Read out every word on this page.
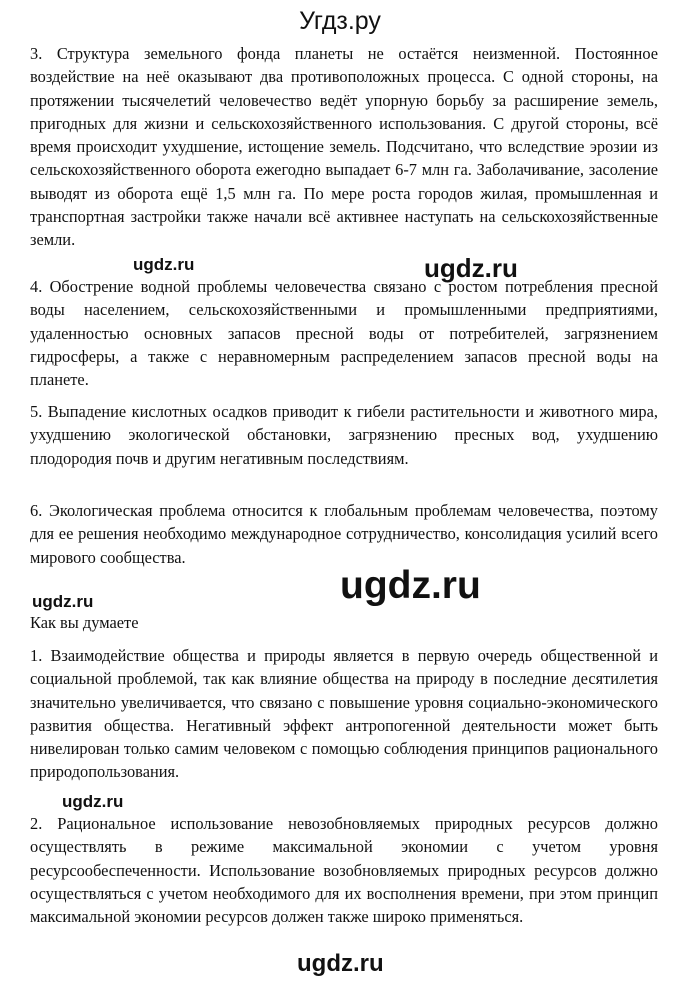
Угдз.ру

3. Структура земельного фонда планеты не остаётся неизменной. Постоянное воздействие на неё оказывают два противоположных процесса. С одной стороны, на протяжении тысячелетий человечество ведёт упорную борьбу за расширение земель, пригодных для жизни и сельскохозяйственного использования. С другой стороны, всё время происходит ухудшение, истощение земель. Подсчитано, что вследствие эрозии из сельскохозяйственного оборота ежегодно выпадает 6-7 млн га. Заболачивание, засоление выводят из оборота ещё 1,5 млн га. По мере роста городов жилая, промышленная и транспортная застройки также начали всё активнее наступать на сельскохозяйственные земли.

4. Обострение водной проблемы человечества связано с ростом потребления пресной воды населением, сельскохозяйственными и промышленными предприятиями, удаленностью основных запасов пресной воды от потребителей, загрязнением гидросферы, а также с неравномерным распределением запасов пресной воды на планете.

5. Выпадение кислотных осадков приводит к гибели растительности и животного мира, ухудшению экологической обстановки, загрязнению пресных вод, ухудшению плодородия почв и другим негативным последствиям.

6. Экологическая проблема относится к глобальным проблемам человечества, поэтому для ее решения необходимо международное сотрудничество, консолидация усилий всего мирового сообщества.

Как вы думаете

1. Взаимодействие общества и природы является в первую очередь общественной и социальной проблемой, так как влияние общества на природу в последние десятилетия значительно увеличивается, что связано с повышение уровня социально-экономического развития общества. Негативный эффект антропогенной деятельности может быть нивелирован только самим человеком с помощью соблюдения принципов рационального природопользования.

2. Рациональное использование невозобновляемых природных ресурсов должно осуществлять в режиме максимальной экономии с учетом уровня ресурсообеспеченности. Использование возобновляемых природных ресурсов должно осуществляться с учетом необходимого для их восполнения времени, при этом принцип максимальной экономии ресурсов должен также широко применяться.

ugdz.ru	ugdz.ru
ugdz.ru
ugdz.ru
ugdz.ru
ugdz.ru
